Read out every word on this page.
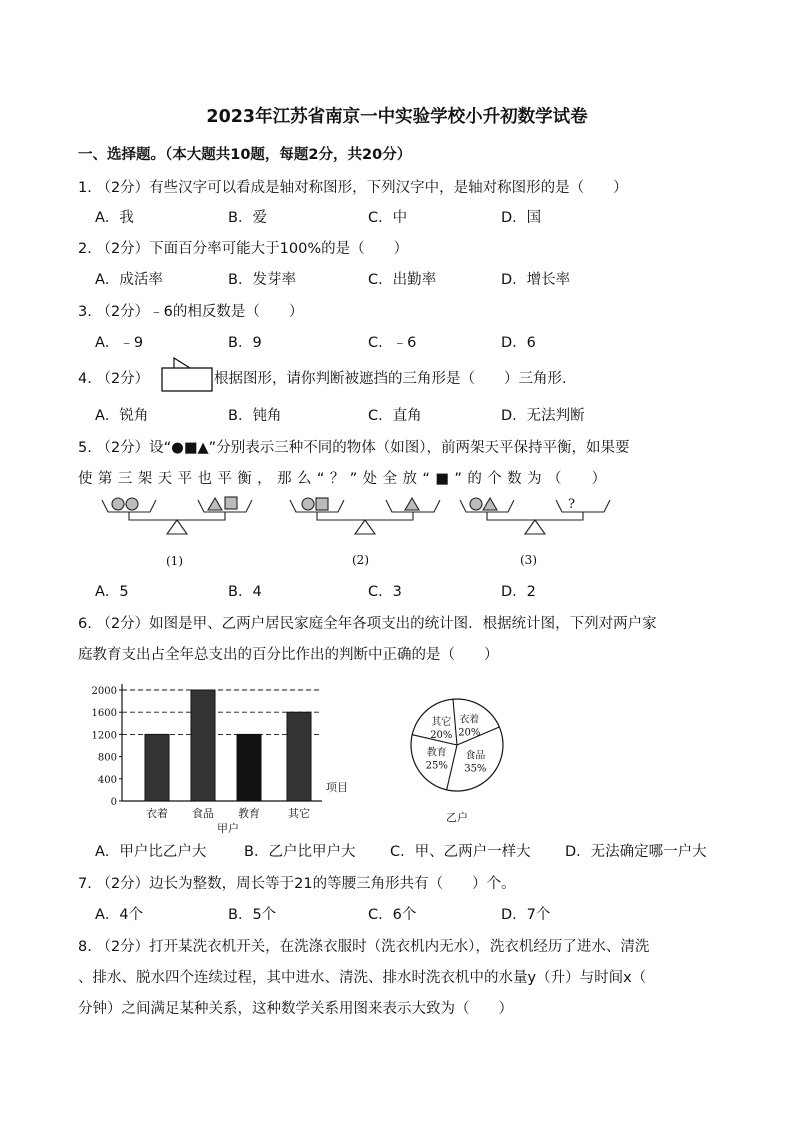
2023年江苏省南京一中实验学校小升初数学试卷
一、选择题。（本大题共10题，每题2分，共20分）
1. （2分）有些汉字可以看成是轴对称图形，下列汉字中，是轴对称图形的是（　　）
A．我	B．爱	C．中	D．国
2. （2分）下面百分率可能大于100%的是（　　）
A．成活率	B．发芽率	C．出勤率	D．增长率
3. （2分）﹣6的相反数是（　　）
A．﹣9	B．9	C．﹣6	D．6
4. （2分）	根据图形，请你判断被遮挡的三角形是（　　）三角形.
A．锐角	B．钝角	C．直角	D．无法判断
5. （2分）设“●■▲”分别表示三种不同的物体（如图），前两架天平保持平衡，如果要
使 第 三 架 天 平 也 平 衡 ， 那 么 “ ？ ” 处 全 放 “ ■ ” 的 个 数 为 （　　）
?
(1)	(2)	(3)
A．5	B．4	C．3	D．2
6. （2分）如图是甲、乙两户居民家庭全年各项支出的统计图．根据统计图，下列对两户家
庭教育支出占全年总支出的百分比作出的判断中正确的是（　　）
0
400
800
1200
1600
2000
衣着 食品 教育	其它
项目
甲户
衣着
20%
食品
35%
教育
25%
其它
20%
乙户
A．甲户比乙户大	B．乙户比甲户大 C．甲、乙两户一样大 D．无法确定哪一户大
7. （2分）边长为整数，周长等于21的等腰三角形共有（　　）个。
A．4个	B．5个	C．6个	D．7个
8. （2分）打开某洗衣机开关，在洗涤衣服时（洗衣机内无水），洗衣机经历了进水、清洗
、排水、脱水四个连续过程，其中进水、清洗、排水时洗衣机中的水量y（升）与时间x（
分钟）之间满足某种关系，这种数学关系用图来表示大致为（　　）
